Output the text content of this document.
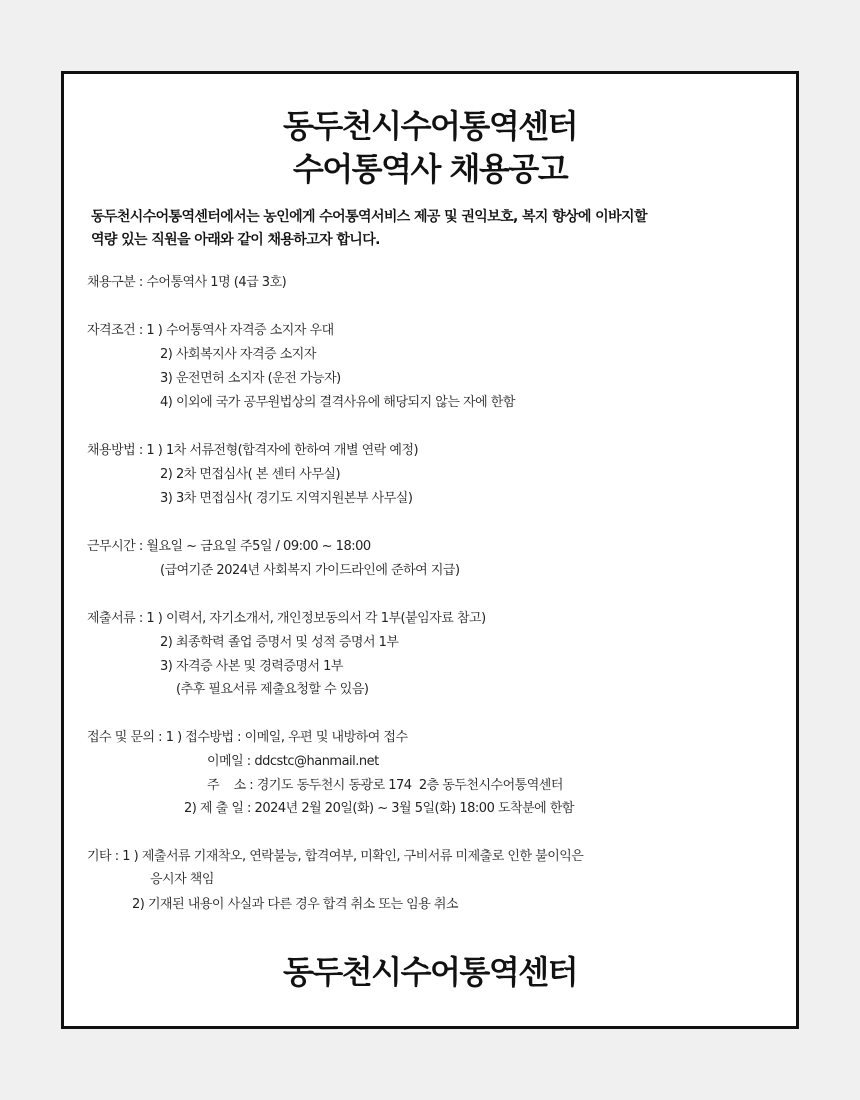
동두천시수어통역센터
수어통역사 채용공고
동두천시수어통역센터에서는 농인에게 수어통역서비스 제공 및 권익보호, 복지 향상에 이바지할
역량 있는 직원을 아래와 같이 채용하고자 합니다.
채용구분 : 수어통역사 1명 (4급 3호)
자격조건 : 1 ) 수어통역사 자격증 소지자 우대
2) 사회복지사 자격증 소지자
3) 운전면허 소지자 (운전 가능자)
4) 이외에 국가 공무원법상의 결격사유에 해당되지 않는 자에 한함
채용방법 : 1 ) 1차 서류전형(합격자에 한하여 개별 연락 예정)
2) 2차 면접심사( 본 센터 사무실)
3) 3차 면접심사( 경기도 지역지원본부 사무실)
근무시간 : 월요일 ~ 금요일 주5일 / 09:00 ~ 18:00
(급여기준 2024년 사회복지 가이드라인에 준하여 지급)
제출서류 : 1 ) 이력서, 자기소개서, 개인정보동의서 각 1부(붙임자료 참고)
2) 최종학력 졸업 증명서 및 성적 증명서 1부
3) 자격증 사본 및 경력증명서 1부
(추후 필요서류 제출요청할 수 있음)
접수 및 문의 : 1 ) 접수방법 : 이메일, 우편 및 내방하여 접수
이메일 : ddcstc@hanmail.net
주    소 : 경기도 동두천시 동광로 174  2층 동두천시수어통역센터
2) 제 출 일 : 2024년 2월 20일(화) ~ 3월 5일(화) 18:00 도착분에 한함
기타 : 1 ) 제출서류 기재착오, 연락불능, 합격여부, 미확인, 구비서류 미제출로 인한 불이익은
응시자 책임
2) 기재된 내용이 사실과 다른 경우 합격 취소 또는 임용 취소
동두천시수어통역센터
